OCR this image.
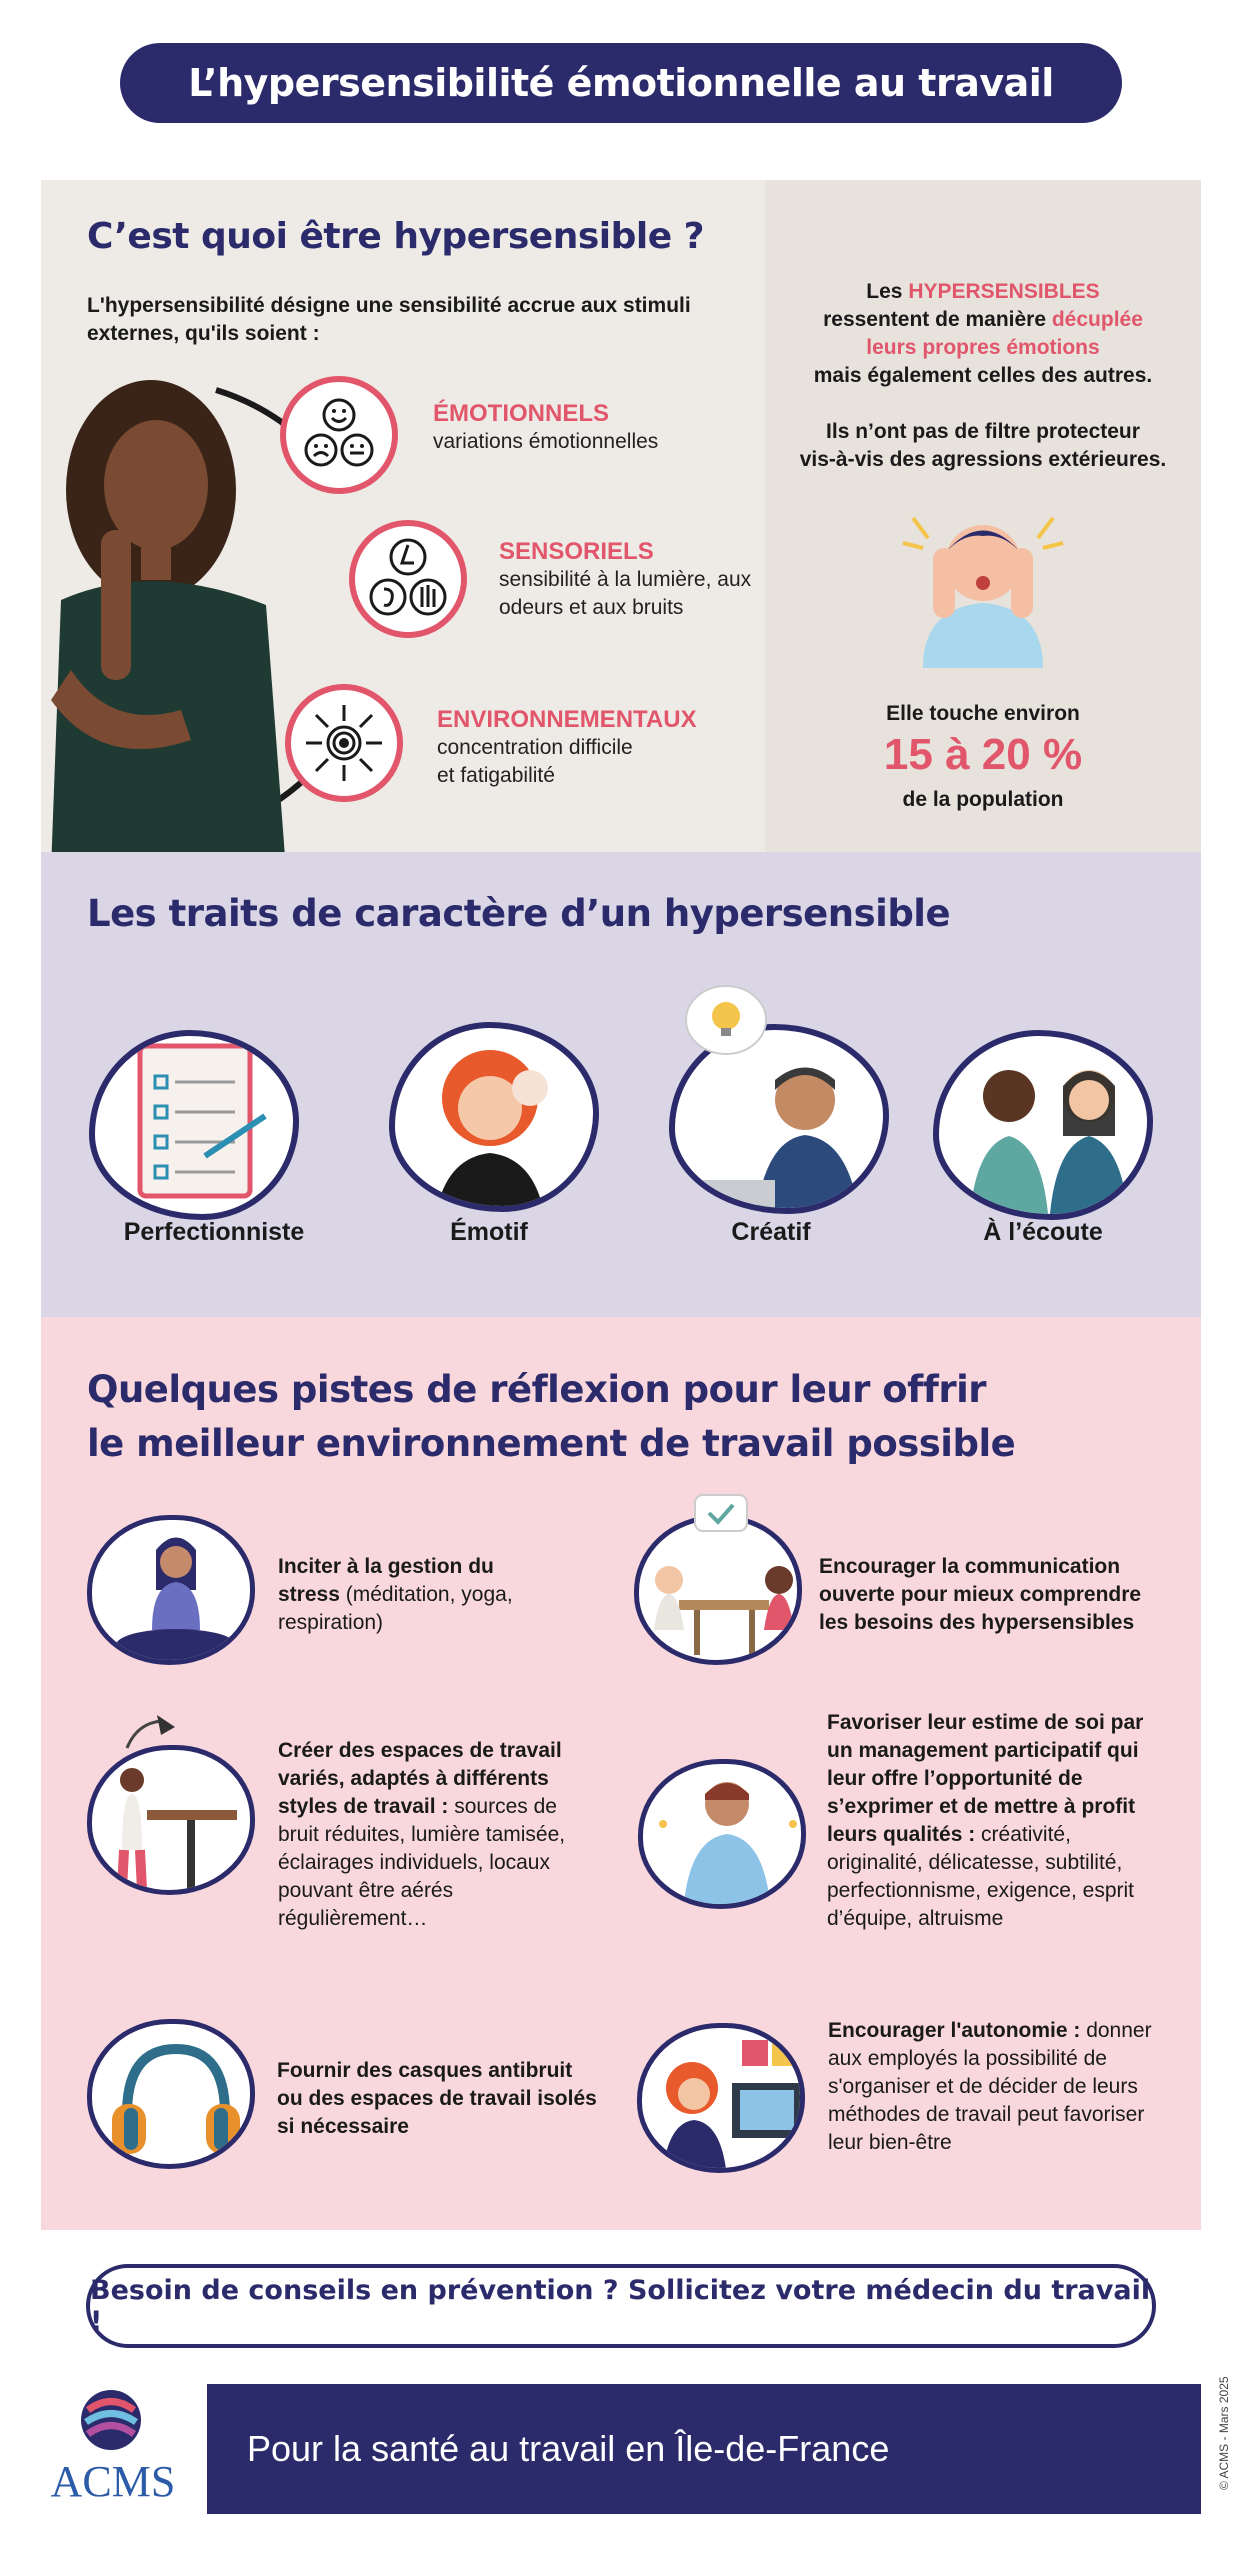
L’hypersensibilité émotionnelle au travail
C’est quoi être hypersensible ?
L'hypersensibilité désigne une sensibilité accrue aux stimuli externes, qu'ils soient :
ÉMOTIONNELS
variations émotionnelles
SENSORIELS
sensibilité à la lumière, aux odeurs et aux bruits
ENVIRONNEMENTAUX
concentration difficile et fatigabilité
Les HYPERSENSIBLES
ressentent de manière décuplée
leurs propres émotions
mais également celles des autres.
Ils n’ont pas de filtre protecteur
vis-à-vis des agressions extérieures.
Elle touche environ
15 à 20 %
de la population
Les traits de caractère d’un hypersensible
Perfectionniste	Émotif	Créatif	À l’écoute
Quelques pistes de réflexion pour leur offrir
le meilleur environnement de travail possible
Inciter à la gestion du stress (méditation, yoga, respiration)
Encourager la communication ouverte pour mieux comprendre les besoins des hypersensibles
Créer des espaces de travail variés, adaptés à différents styles de travail : sources de bruit réduites, lumière tamisée, éclairages individuels, locaux pouvant être aérés régulièrement…
Favoriser leur estime de soi par un management participatif qui leur offre l’opportunité de s’exprimer et de mettre à profit leurs qualités : créativité, originalité, délicatesse, subtilité, perfectionnisme, exigence, esprit d’équipe, altruisme
Fournir des casques antibruit ou des espaces de travail isolés si nécessaire
Encourager l'autonomie : donner aux employés la possibilité de s'organiser et de décider de leurs méthodes de travail peut favoriser leur bien-être
Besoin de conseils en prévention ? Sollicitez votre médecin du travail !
ACMS
Pour la santé au travail en Île-de-France	© ACMS - Mars 2025
